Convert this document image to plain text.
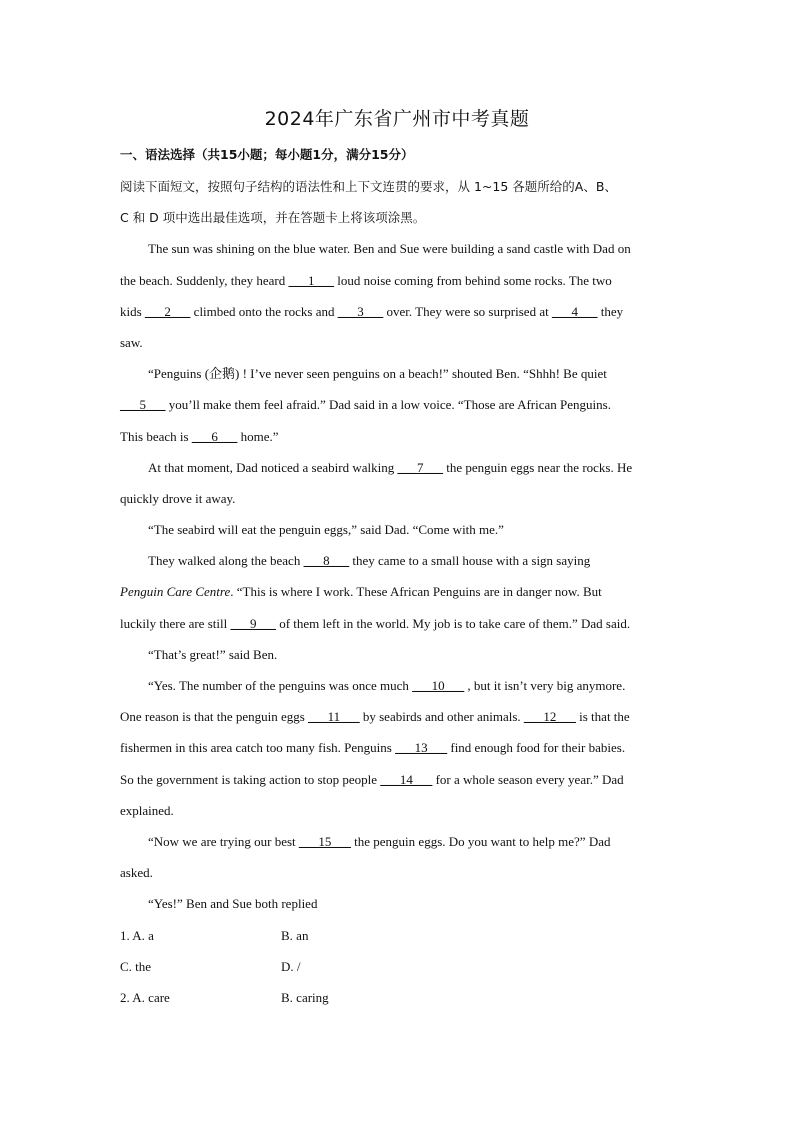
2024年广东省广州市中考真题
一、语法选择（共15小题；每小题1分，满分15分）
阅读下面短文，按照句子结构的语法性和上下文连贯的要求，从 1~15 各题所给的A、B、
C 和 D 项中选出最佳选项，并在答题卡上将该项涂黑。
The sun was shining on the blue water. Ben and Sue were building a sand castle with Dad on
the beach. Suddenly, they heard ___1___ loud noise coming from behind some rocks. The two
kids ___2___ climbed onto the rocks and ___3___ over. They were so surprised at ___4___ they
saw.
“Penguins (企鹅) ! I’ve never seen penguins on a beach!” shouted Ben. “Shhh! Be quiet
___5___ you’ll make them feel afraid.” Dad said in a low voice. “Those are African Penguins.
This beach is ___6___ home.”
At that moment, Dad noticed a seabird walking ___7___ the penguin eggs near the rocks. He
quickly drove it away.
“The seabird will eat the penguin eggs,” said Dad. “Come with me.”
They walked along the beach ___8___ they came to a small house with a sign saying
Penguin Care Centre. “This is where I work. These African Penguins are in danger now. But
luckily there are still ___9___ of them left in the world. My job is to take care of them.” Dad said.
“That’s great!” said Ben.
“Yes. The number of the penguins was once much ___10___ , but it isn’t very big anymore.
One reason is that the penguin eggs ___11___ by seabirds and other animals. ___12___ is that the
fishermen in this area catch too many fish. Penguins ___13___ find enough food for their babies.
So the government is taking action to stop people ___14___ for a whole season every year.” Dad
explained.
“Now we are trying our best ___15___ the penguin eggs. Do you want to help me?” Dad
asked.
“Yes!” Ben and Sue both replied
1. A. a	B. an
C. the	D. /
2. A. care	B. caring
